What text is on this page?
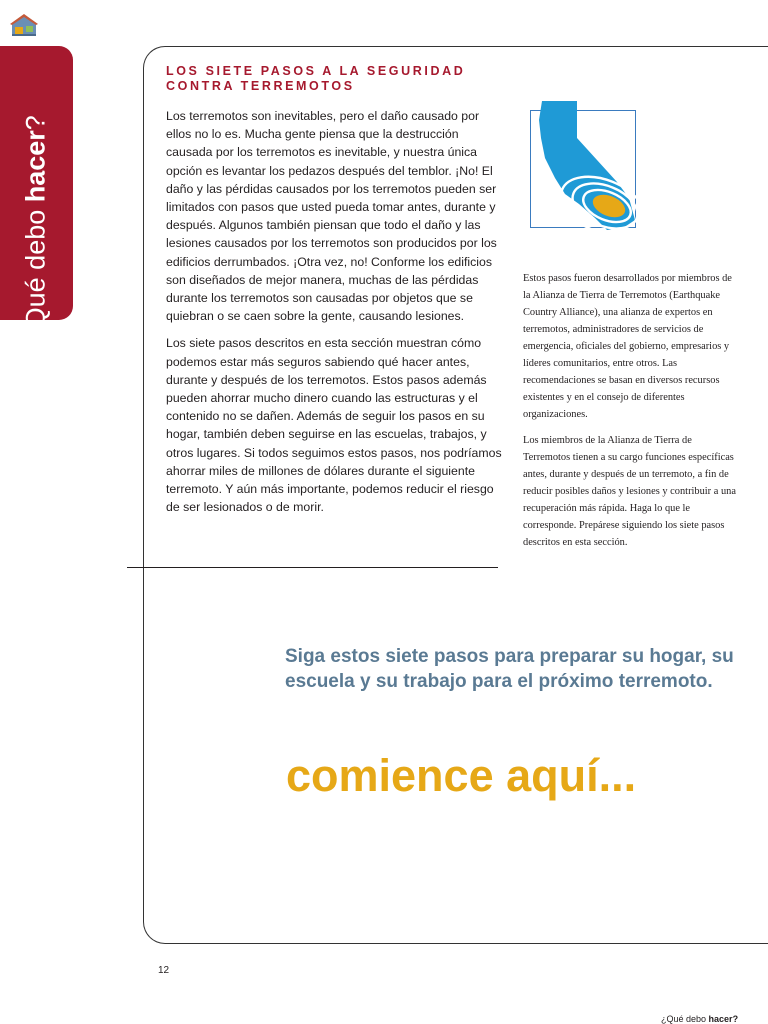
¿Qué debo hacer?
LOS SIETE PASOS A LA SEGURIDAD
CONTRA TERREMOTOS

Los terremotos son inevitables, pero el daño causado por ellos no lo es. Mucha gente piensa que la destrucción causada por los terremotos es inevitable, y nuestra única opción es levantar los pedazos después del temblor. ¡No! El daño y las pérdidas causados por los terremotos pueden ser limitados con pasos que usted pueda tomar antes, durante y después. Algunos también piensan que todo el daño y las lesiones causados por los terremotos son producidos por los edificios derrumbados. ¡Otra vez, no! Conforme los edificios son diseñados de mejor manera, muchas de las pérdidas durante los terremotos son causadas por objetos que se quiebran o se caen sobre la gente, causando lesiones.

Los siete pasos descritos en esta sección muestran cómo podemos estar más seguros sabiendo qué hacer antes, durante y después de los terremotos. Estos pasos además pueden ahorrar mucho dinero cuando las estructuras y el contenido no se dañen. Además de seguir los pasos en su hogar, también deben seguirse en las escuelas, trabajos, y otros lugares. Si todos seguimos estos pasos, nos podríamos ahorrar miles de millones de dólares durante el siguiente terremoto. Y aún más importante, podemos reducir el riesgo de ser lesionados o de morir.

Estos pasos fueron desarrollados por miembros de la Alianza de Tierra de Terremotos (Earthquake Country Alliance), una alianza de expertos en terremotos, administradores de servicios de emergencia, oficiales del gobierno, empresarios y líderes comunitarios, entre otros. Las recomendaciones se basan en diversos recursos existentes y en el consejo de diferentes organizaciones.

Los miembros de la Alianza de Tierra de Terremotos tienen a su cargo funciones específicas antes, durante y después de un terremoto, a fin de reducir posibles daños y lesiones y contribuir a una recuperación más rápida. Haga lo que le corresponde. Prepárese siguiendo los siete pasos descritos en esta sección.

Siga estos siete pasos para preparar su hogar, su escuela y su trabajo para el próximo terremoto.
comience aquí...
12
¿Qué debo hacer?
